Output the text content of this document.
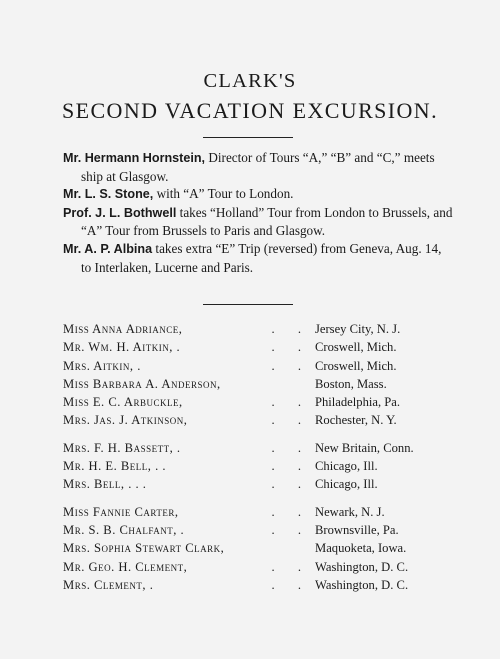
CLARK'S
SECOND VACATION EXCURSION.

Mr. Hermann Hornstein, Director of Tours “A,” “B” and “C,” meets ship at Glasgow.

Mr. L. S. Stone, with “A” Tour to London.

Prof. J. L. Bothwell takes “Holland” Tour from London to Brussels, and “A” Tour from Brussels to Paris and Glasgow.

Mr. A. P. Albina takes extra “E” Trip (reversed) from Geneva, Aug. 14, to Interlaken, Lucerne and Paris.

Miss Anna Adriance,	. . Jersey City, N. J.
Mr. Wm. H. Aitkin, .	. . Croswell, Mich.
Mrs. Aitkin, .	. . Croswell, Mich.
Miss Barbara A. Anderson,	Boston, Mass.
Miss E. C. Arbuckle,	. . Philadelphia, Pa.
Mrs. Jas. J. Atkinson,	. . Rochester, N. Y.
Mrs. F. H. Bassett, .	. . New Britain, Conn.
Mr. H. E. Bell, . .	. . Chicago, Ill.
Mrs. Bell, . . .	. . Chicago, Ill.
Miss Fannie Carter,	. . Newark, N. J.
Mr. S. B. Chalfant, .	. . Brownsville, Pa.
Mrs. Sophia Stewart Clark,	Maquoketa, Iowa.
Mr. Geo. H. Clement,	. . Washington, D. C.
Mrs. Clement, .	. . Washington, D. C.
